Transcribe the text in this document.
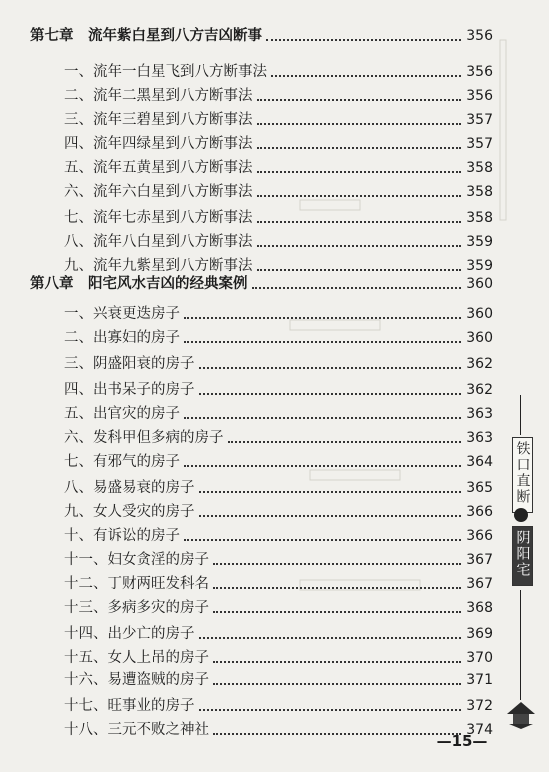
第七章　流年紫白星到八方吉凶断事	356
一、流年一白星飞到八方断事法	356
二、流年二黑星到八方断事法	356
三、流年三碧星到八方断事法	357
四、流年四绿星到八方断事法	357
五、流年五黄星到八方断事法	358
六、流年六白星到八方断事法	358
七、流年七赤星到八方断事法	358
八、流年八白星到八方断事法	359
九、流年九紫星到八方断事法	359
第八章　阳宅风水吉凶的经典案例	360
一、兴衰更迭房子	360
二、出寡妇的房子	360
三、阴盛阳衰的房子	362
四、出书呆子的房子	362
五、出官灾的房子	363
六、发科甲但多病的房子	363
七、有邪气的房子	364
八、易盛易衰的房子	365
九、女人受灾的房子	366
十、有诉讼的房子	366
十一、妇女贪淫的房子	367
十二、丁财两旺发科名	367
十三、多病多灾的房子	368
十四、出少亡的房子	369
十五、女人上吊的房子	370
十六、易遭盗贼的房子	371
十七、旺事业的房子	372
十八、三元不败之神社	374
铁口直断
阴阳宅
—15—
